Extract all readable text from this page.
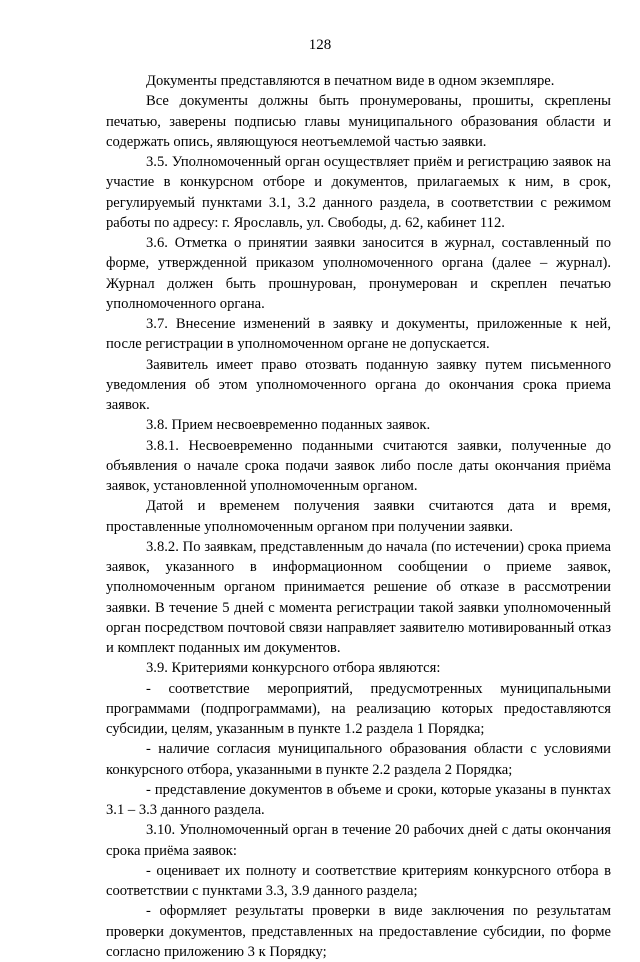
128

Документы представляются в печатном виде в одном экземпляре.

Все документы должны быть пронумерованы, прошиты, скреплены печатью, заверены подписью главы муниципального образования области и содержать опись, являющуюся неотъемлемой частью заявки.

3.5. Уполномоченный орган осуществляет приём и регистрацию заявок на участие в конкурсном отборе и документов, прилагаемых к ним, в срок, регулируемый пунктами 3.1, 3.2 данного раздела, в соответствии с режимом работы по адресу: г. Ярославль, ул. Свободы, д. 62, кабинет 112.

3.6. Отметка о принятии заявки заносится в журнал, составленный по форме, утвержденной приказом уполномоченного органа (далее – журнал). Журнал должен быть прошнурован, пронумерован и скреплен печатью уполномоченного органа.

3.7. Внесение изменений в заявку и документы, приложенные к ней, после регистрации в уполномоченном органе не допускается.

Заявитель имеет право отозвать поданную заявку путем письменного уведомления об этом уполномоченного органа до окончания срока приема заявок.

3.8. Прием несвоевременно поданных заявок.

3.8.1. Несвоевременно поданными считаются заявки, полученные до объявления о начале срока подачи заявок либо после даты окончания приёма заявок, установленной уполномоченным органом.

Датой и временем получения заявки считаются дата и время, проставленные уполномоченным органом при получении заявки.

3.8.2. По заявкам, представленным до начала (по истечении) срока приема заявок, указанного в информационном сообщении о приеме заявок, уполномоченным органом принимается решение об отказе в рассмотрении заявки. В течение 5 дней с момента регистрации такой заявки уполномоченный орган посредством почтовой связи направляет заявителю мотивированный отказ и комплект поданных им документов.

3.9. Критериями конкурсного отбора являются:

- соответствие мероприятий, предусмотренных муниципальными программами (подпрограммами), на реализацию которых предоставляются субсидии, целям, указанным в пункте 1.2 раздела 1 Порядка;

- наличие согласия муниципального образования области с условиями конкурсного отбора, указанными в пункте 2.2 раздела 2 Порядка;

- представление документов в объеме и сроки, которые указаны в пунктах 3.1 – 3.3 данного раздела.

3.10. Уполномоченный орган в течение 20 рабочих дней с даты окончания срока приёма заявок:

- оценивает их полноту и соответствие критериям конкурсного отбора в соответствии с пунктами 3.3, 3.9 данного раздела;

- оформляет результаты проверки в виде заключения по результатам проверки документов, представленных на предоставление субсидии, по форме согласно приложению 3 к Порядку;
